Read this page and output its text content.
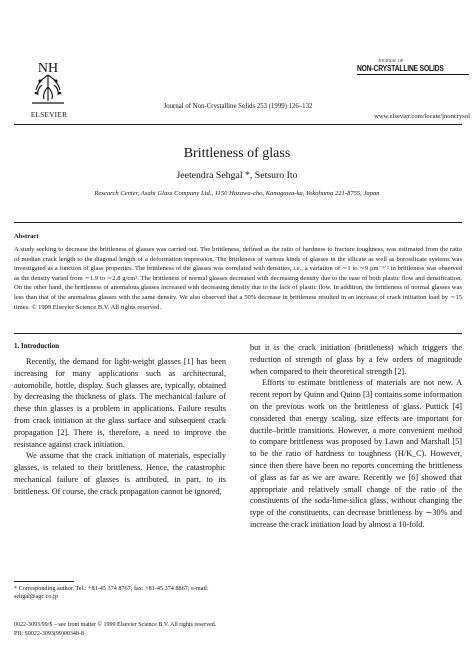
NH
ELSEVIER
Journal of Non-Crystalline Solids 253 (1999) 126–132
JOURNAL OF
NON-CRYSTALLINE SOLIDS
www.elsevier.com/locate/jnoncrysol
Brittleness of glass
Jeetendra Sehgal *, Setsuro Ito
Research Center, Asahi Glass Company Ltd., 1150 Hazawa-cho, Kanagawa-ku, Yokohama 221-8755, Japan
Abstract
A study seeking to decrease the brittleness of glasses was carried out. The brittleness, defined as the ratio of hardness to fracture toughness, was estimated from the ratio of median crack length to the diagonal length of a deformation impression. The brittleness of various kinds of glasses in the silicate as well as borosilicate systems was investigated as a function of glass properties. The brittleness of the glasses was correlated with densities, i.e., a variation of ∼1 to ∼9 μm⁻¹ᐟ² in brittleness was observed as the density varied from ∼1.9 to ∼2.8 g/cm³. The brittleness of normal glasses decreased with decreasing density due to the ease of both plastic flow and densification. On the other hand, the brittleness of anomalous glasses increased with decreasing density due to the lack of plastic flow. In addition, the brittleness of normal glasses was less than that of the anomalous glasses with the same density. We also observed that a 50% decrease in brittleness resulted in an increase of crack initiation load by ∼15 times. © 1999 Elsevier Science B.V. All rights reserved.
1. Introduction

Recently, the demand for light-weight glasses [1] has been increasing for many applications such as architectural, automobile, bottle, display. Such glasses are, typically, obtained by decreasing the thickness of glass. The mechanical failure of these thin glasses is a problem in applications. Failure results from crack initiation at the glass surface and subsequent crack propagation [2]. There is, therefore, a need to improve the resistance against crack initiation.

We assume that the crack initiation of materials, especially glasses, is related to their brittleness. Hence, the catastrophic mechanical failure of glasses is attributed, in part, to its brittleness. Of course, the crack propagation cannot be ignored,

but it is the crack initiation (brittleness) which triggers the reduction of strength of glass by a few orders of magnitude when compared to their theoretical strength [2].

Efforts to estimate brittleness of materials are not new. A recent report by Quinn and Quinn [3] contains some information on the previous work on the brittleness of glass. Puttick [4] considered that energy scaling, size effects are important for ductile–brittle transitions. However, a more convenient method to compare brittleness was proposed by Lawn and Marshall [5] to be the ratio of hardness to toughness (H/K_C). However, since then there have been no reports concerning the brittleness of glass as far as we are aware. Recently we [6] showed that appropriate and relatively small change of the ratio of the constituents of the soda-lime-silica glass, without changing the type of the constituents, can decrease brittleness by ∼30% and increase the crack initiation load by almost a 10-fold.

* Corresponding author. Tel.: +81-45 374 8767; fax: +81-45 374 8867; e-mail: sehgal@agc.co.jp
0022-3093/99/$ – see front matter © 1999 Elsevier Science B.V. All rights reserved.
PII: S0022-3093(99)00348-8
